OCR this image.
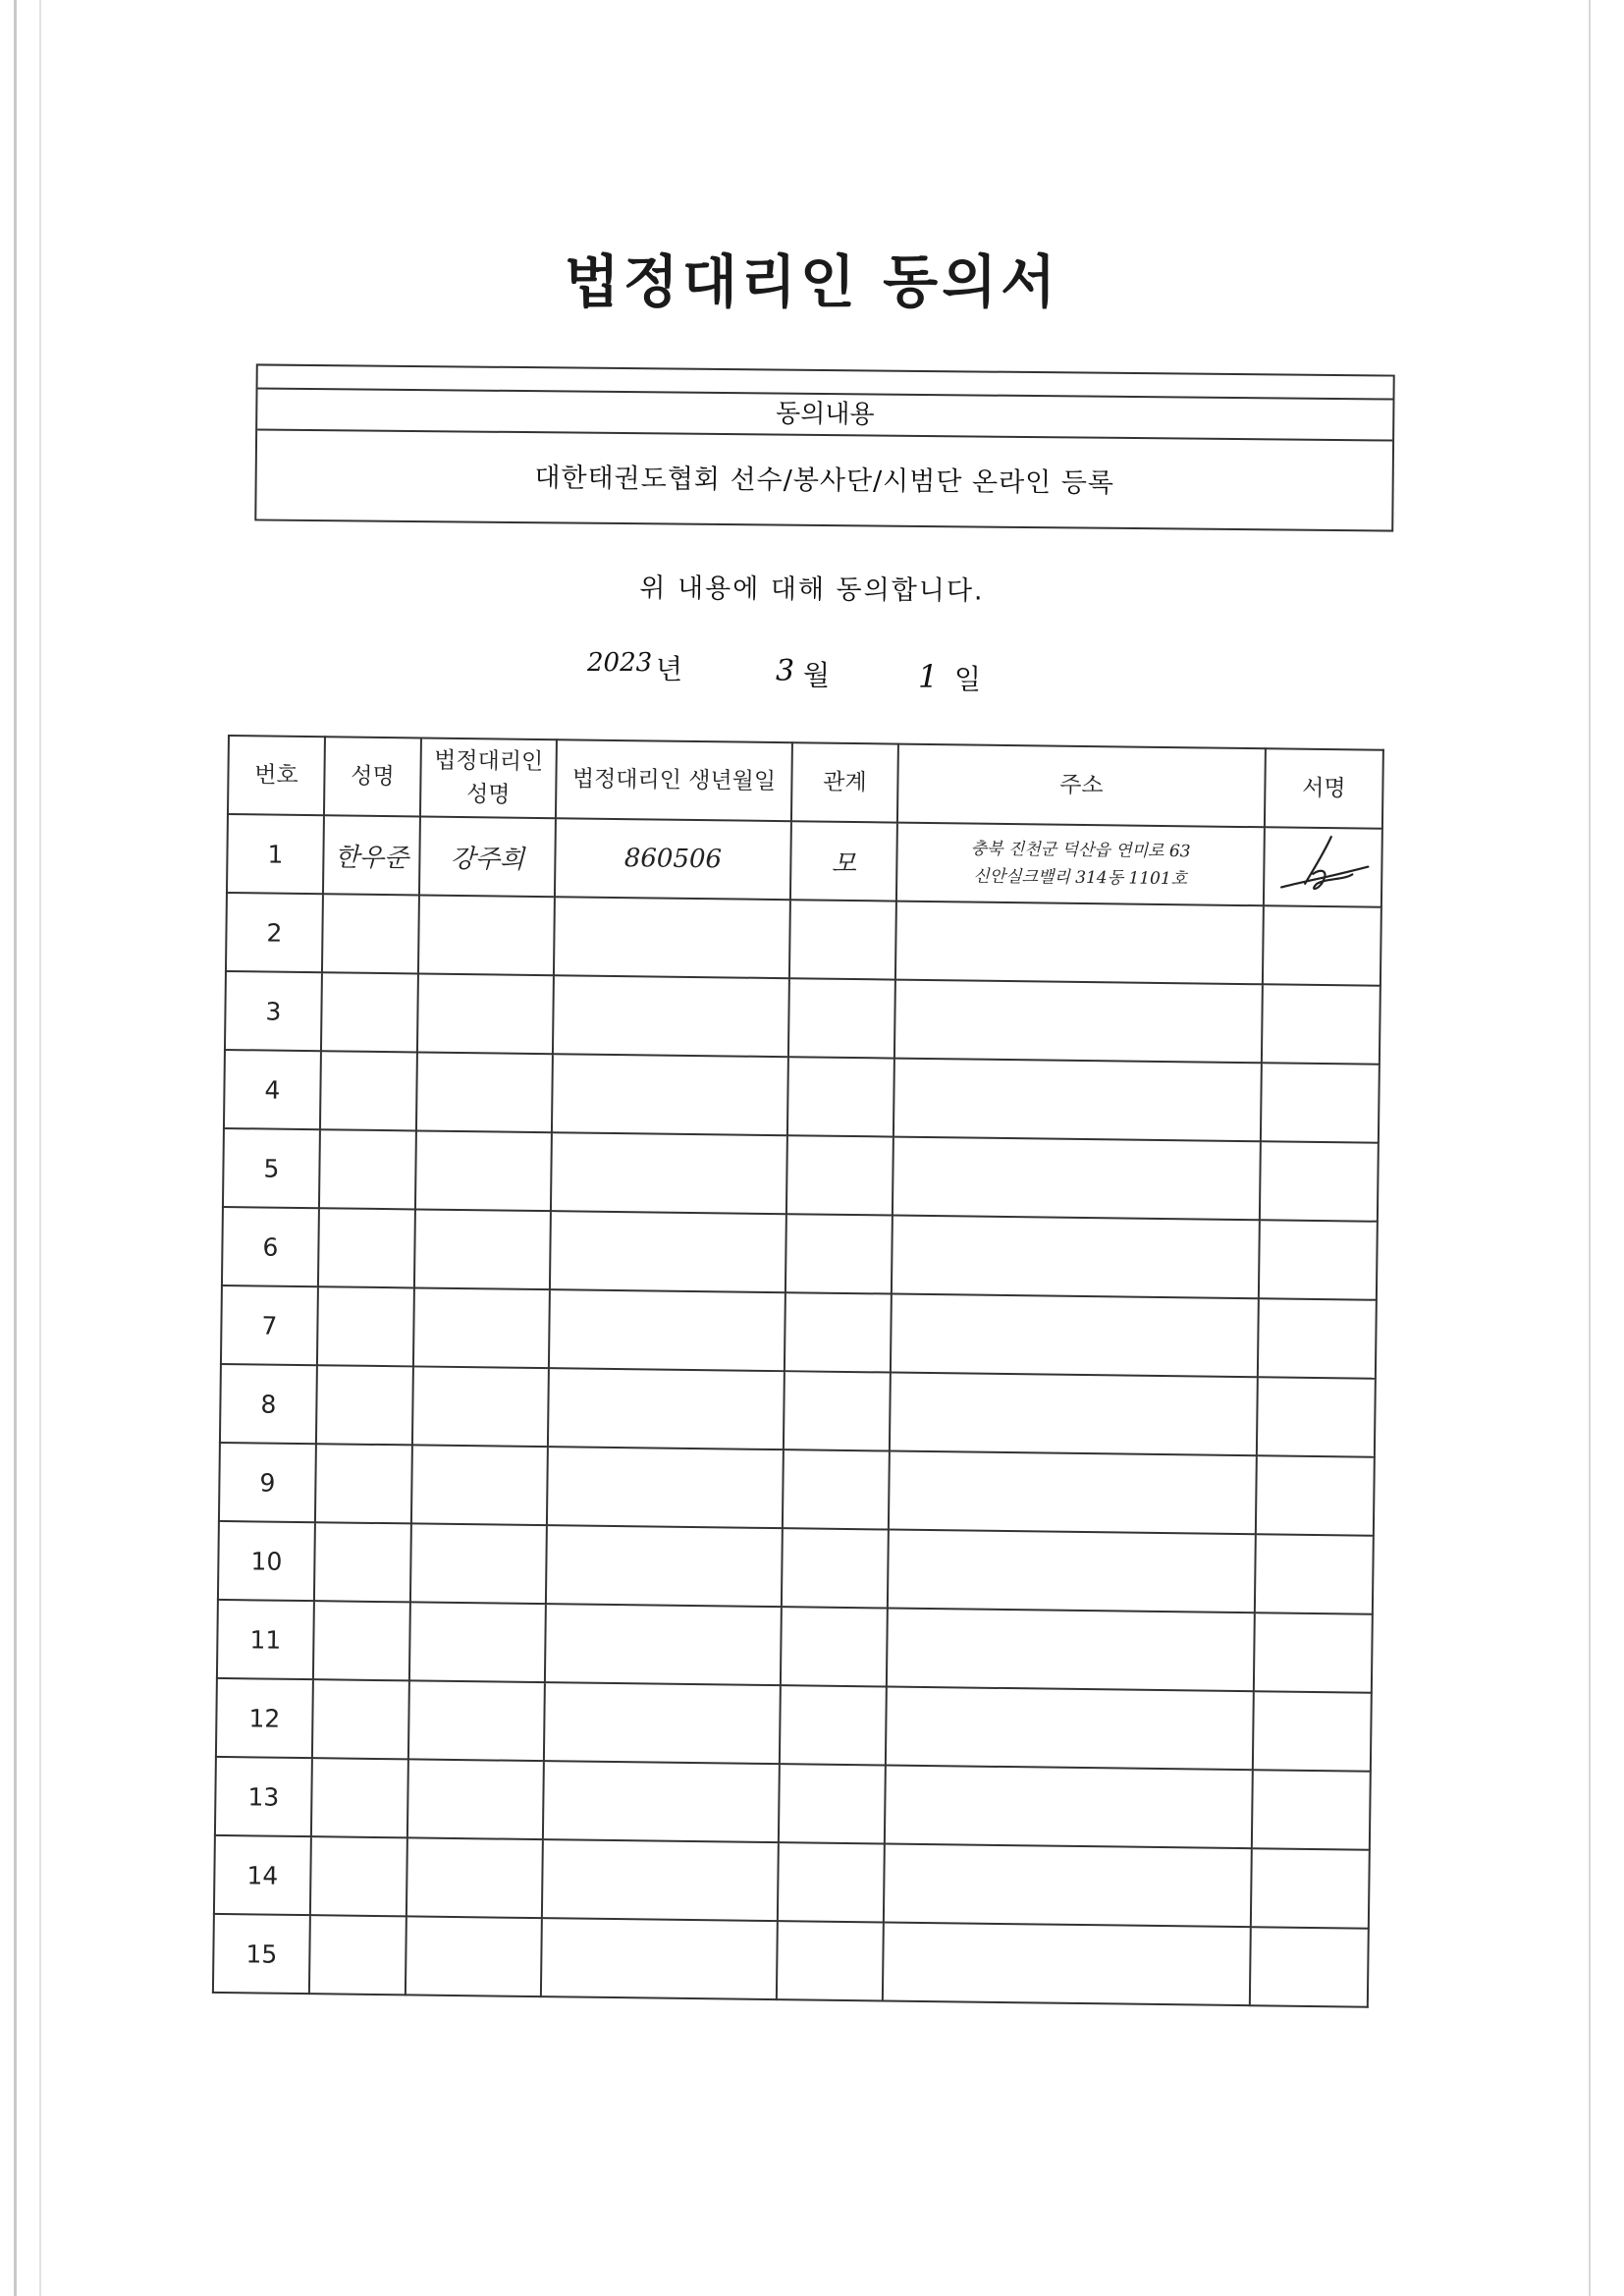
법정대리인 동의서
동의내용
대한태권도협회 선수/봉사단/시범단 온라인 등록
위 내용에 대해 동의합니다.
2023 년	3 월	1 일
번호	성명	법정대리인 성명	법정대리인 생년월일	관계	주소	서명
1	한우준	강주희	860506	모	충북 진천군 덕산읍 연미로 63
신안실크밸리 314동 1101호

2						
3						
4						
5						
6						
7						
8						
9						
10						
11						
12						
13						
14						
15						
